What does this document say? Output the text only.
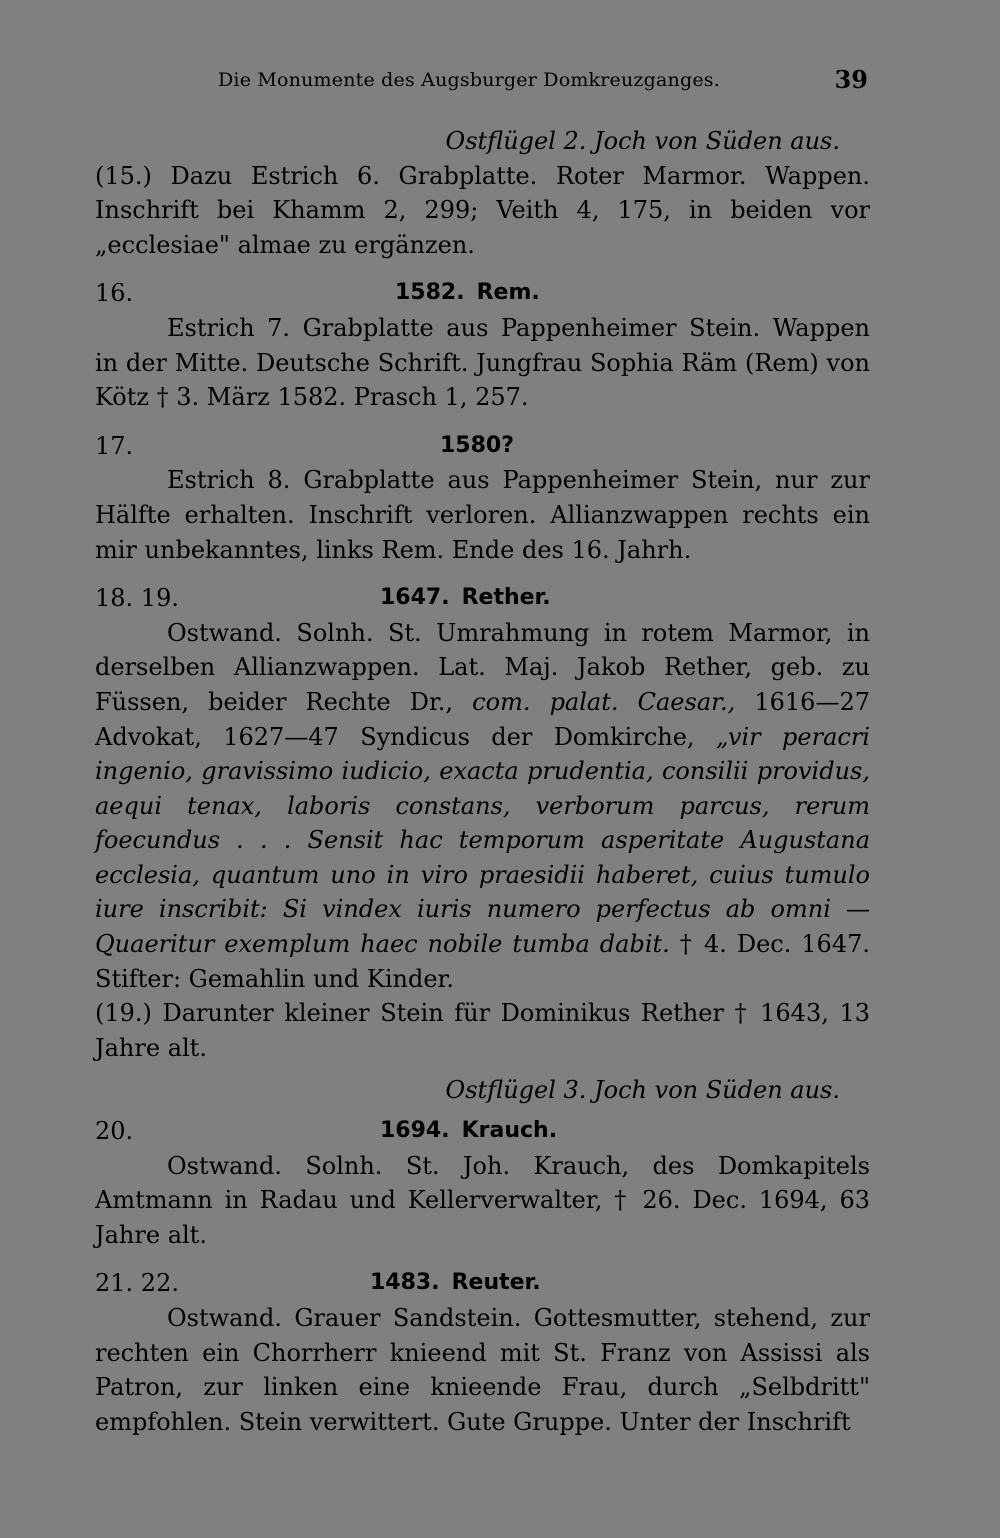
Die Monumente des Augsburger Domkreuzganges.	39
Ostflügel 2. Joch von Süden aus.

(15.) Dazu Estrich 6. Grabplatte. Roter Marmor. Wappen. Inschrift bei Khamm 2, 299; Veith 4, 175, in beiden vor „ecclesiae" almae zu ergänzen.

16.	1582. Rem.

Estrich 7. Grabplatte aus Pappenheimer Stein. Wappen in der Mitte. Deutsche Schrift. Jungfrau Sophia Räm (Rem) von Kötz † 3. März 1582. Prasch 1, 257.

17.	1580?

Estrich 8. Grabplatte aus Pappenheimer Stein, nur zur Hälfte erhalten. Inschrift verloren. Allianzwappen rechts ein mir unbekanntes, links Rem. Ende des 16. Jahrh.

18. 19.	1647. Rether.

Ostwand. Solnh. St. Umrahmung in rotem Marmor, in derselben Allianzwappen. Lat. Maj. Jakob Rether, geb. zu Füssen, beider Rechte Dr., com. palat. Caesar., 1616—27 Advokat, 1627—47 Syndicus der Domkirche, „vir peracri ingenio, gravissimo iudicio, exacta prudentia, consilii providus, aequi tenax, laboris constans, verborum parcus, rerum foecundus . . . Sensit hac temporum asperitate Augustana ecclesia, quantum uno in viro praesidii haberet, cuius tumulo iure inscribit: Si vindex iuris numero perfectus ab omni — Quaeritur exemplum haec nobile tumba dabit. † 4. Dec. 1647. Stifter: Gemahlin und Kinder.

(19.) Darunter kleiner Stein für Dominikus Rether † 1643, 13 Jahre alt.

Ostflügel 3. Joch von Süden aus.
20.	1694. Krauch.

Ostwand. Solnh. St. Joh. Krauch, des Domkapitels Amtmann in Radau und Kellerverwalter, † 26. Dec. 1694, 63 Jahre alt.

21. 22.	1483. Reuter.

Ostwand. Grauer Sandstein. Gottesmutter, stehend, zur rechten ein Chorrherr knieend mit St. Franz von Assissi als Patron, zur linken eine knieende Frau, durch „Selbdritt" empfohlen. Stein verwittert. Gute Gruppe. Unter der Inschrift
